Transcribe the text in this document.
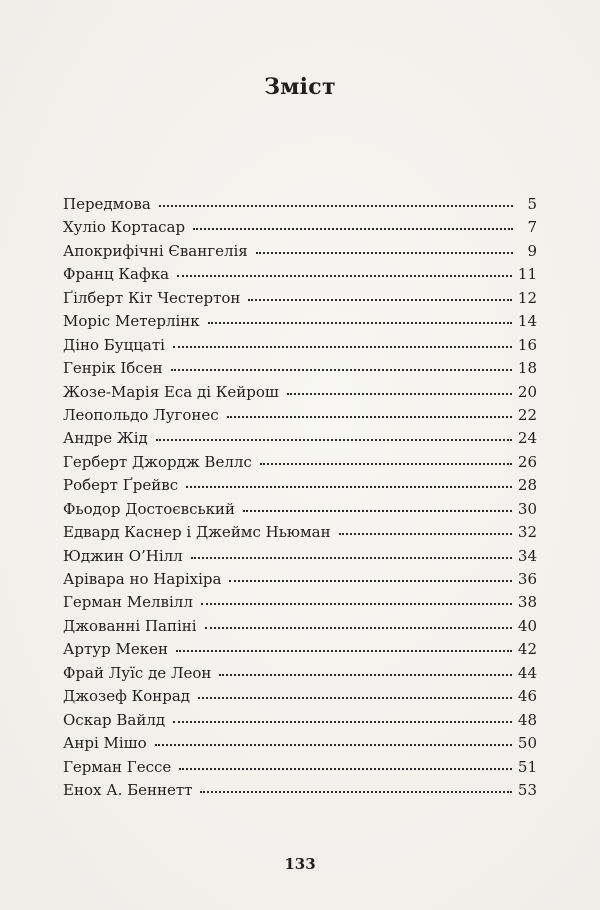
Зміст
Передмова	5
Хуліо Кортасар	7
Апокрифічні Євангелія	9
Франц Кафка	11
Ґілберт Кіт Честертон	12
Моріс Метерлінк	14
Діно Буццаті	16
Генрік Ібсен	18
Жозе-Марія Еса ді Кейрош	20
Леопольдо Лугонес	22
Андре Жід	24
Герберт Джордж Веллс	26
Роберт Ґрейвс	28
Фьодор Достоєвський	30
Едвард Каснер і Джеймс Ньюман	32
Юджин О’Нілл	34
Арівара но Наріхіра	36
Герман Мелвілл	38
Джованні Папіні	40
Артур Мекен	42
Фрай Луїс де Леон	44
Джозеф Конрад	46
Оскар Вайлд	48
Анрі Мішо	50
Герман Гессе	51
Енох А. Беннетт	53
133
